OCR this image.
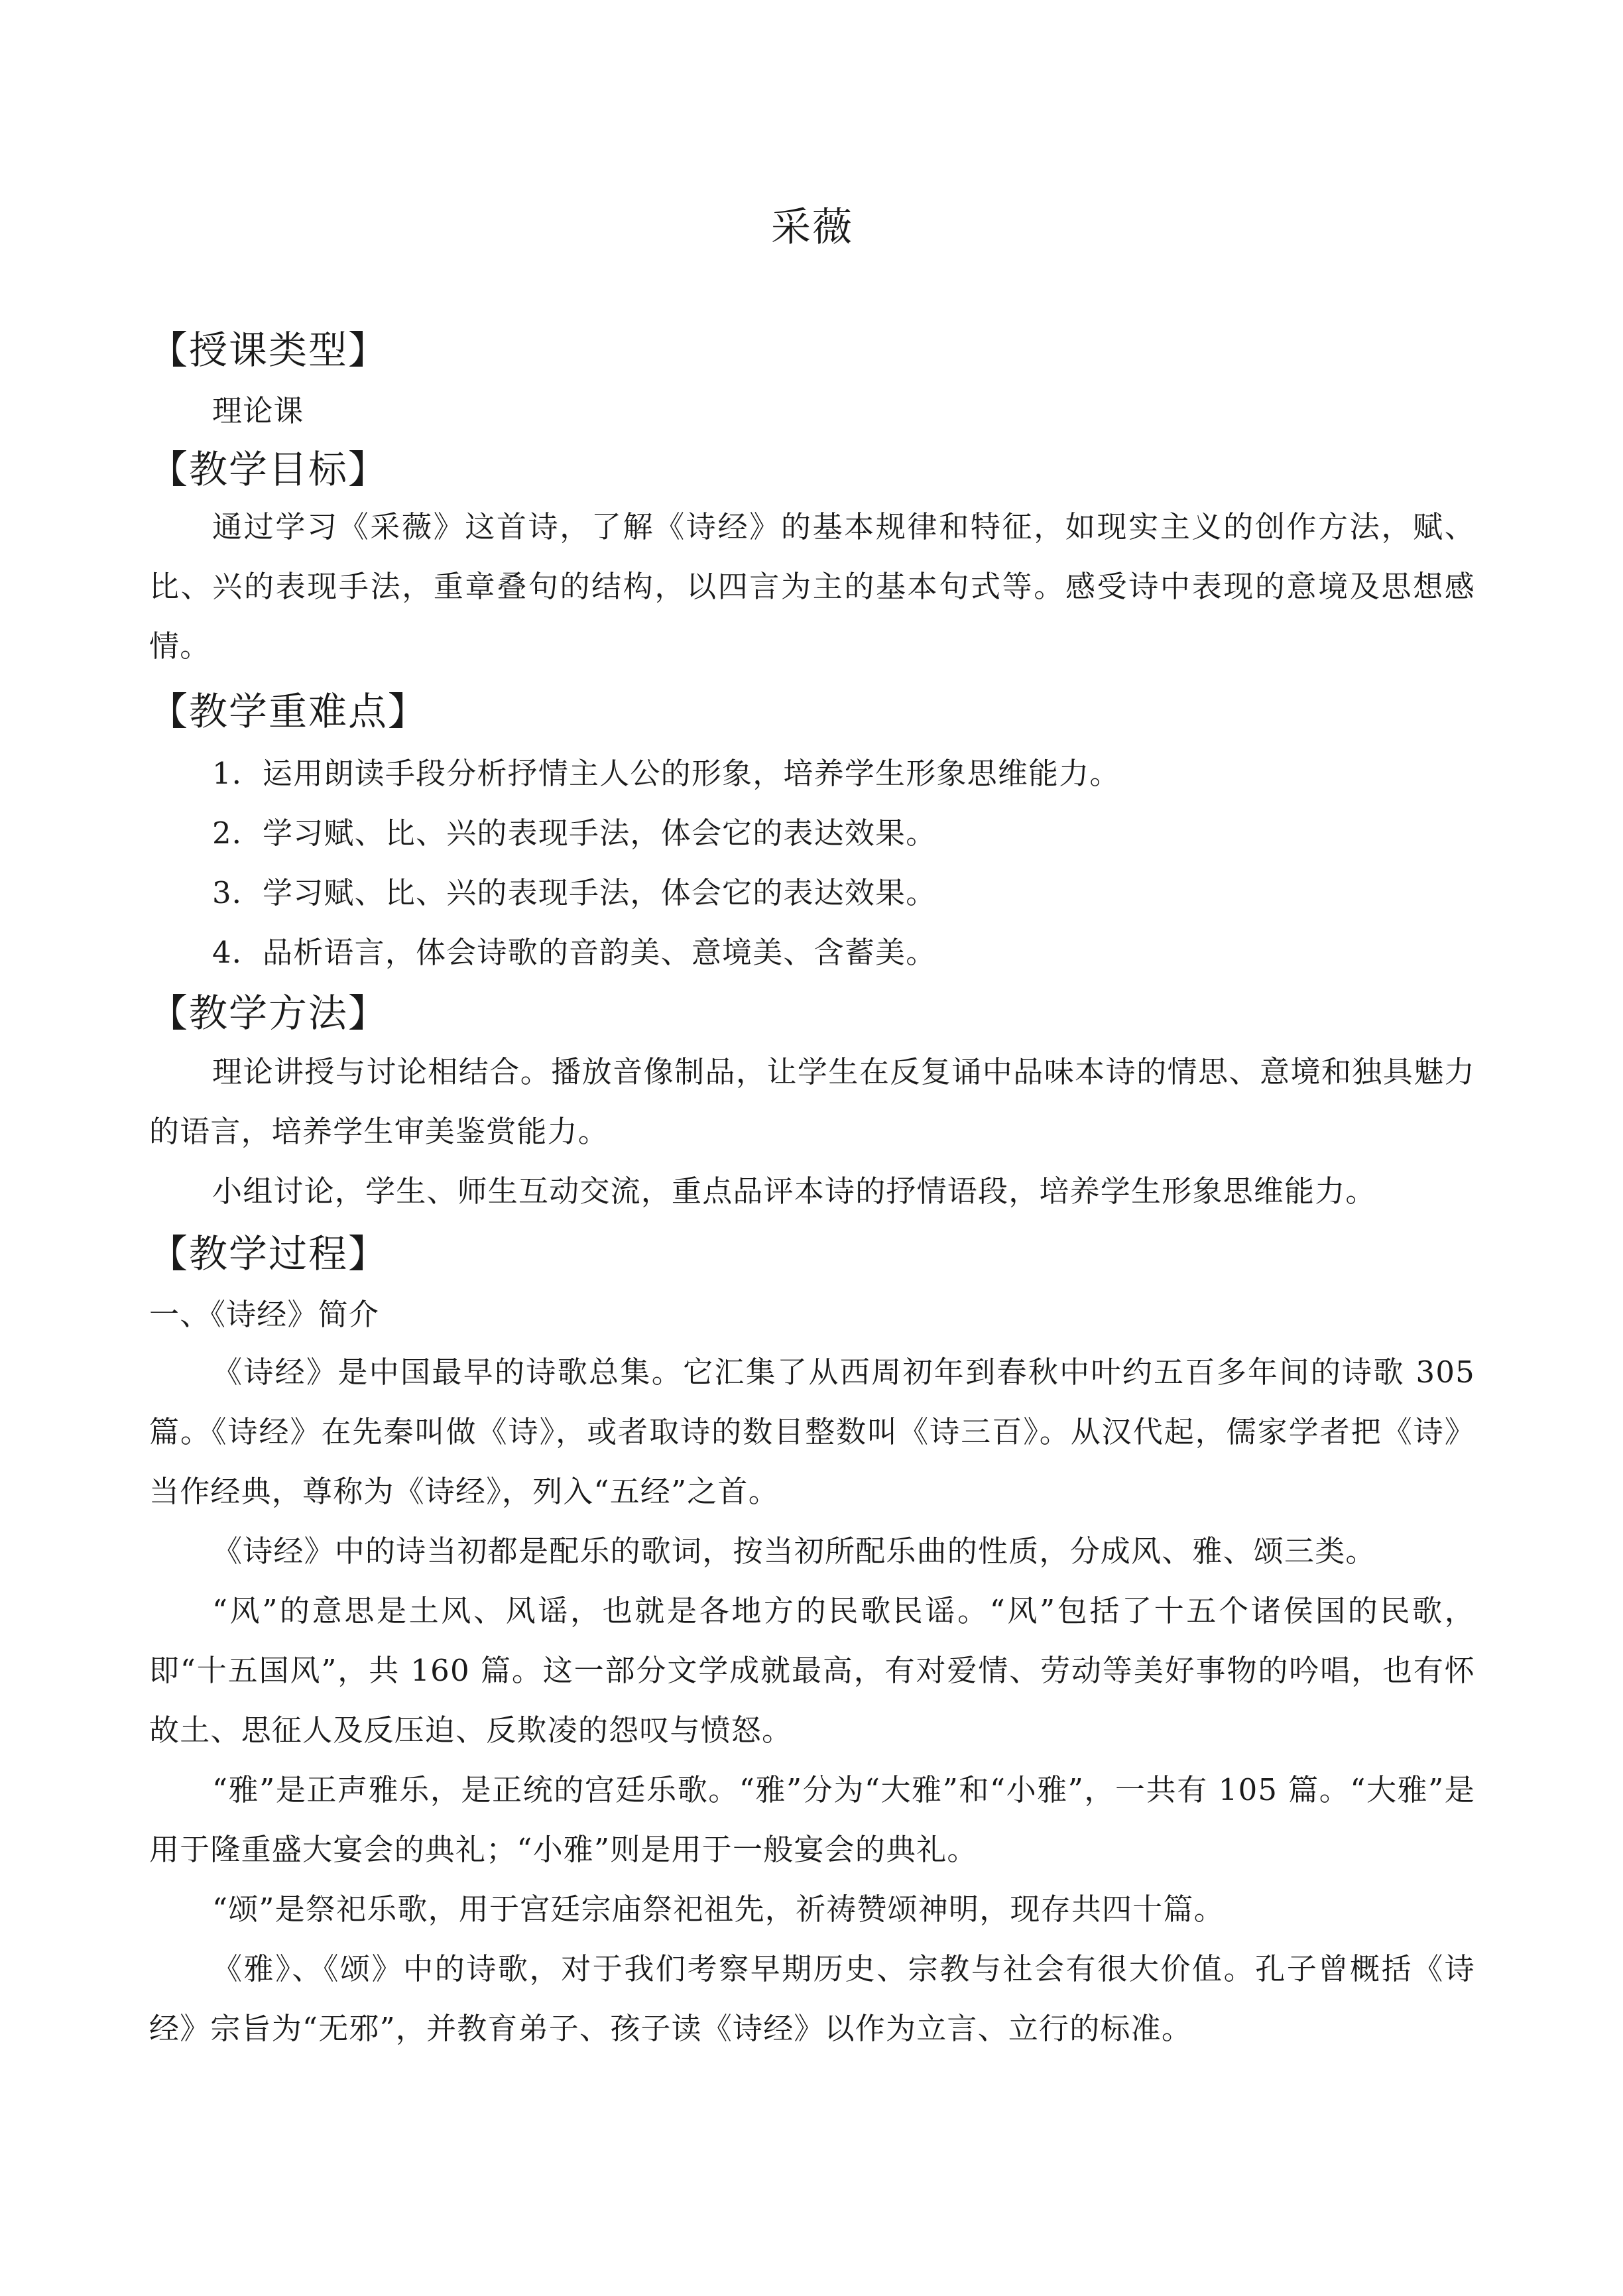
采薇
【授课类型】
理论课
【教学目标】
通过学习《采薇》这首诗，了解《诗经》的基本规律和特征，如现实主义的创作方法，赋、比、兴的表现手法，重章叠句的结构，以四言为主的基本句式等。感受诗中表现的意境及思想感情。
【教学重难点】
1．运用朗读手段分析抒情主人公的形象，培养学生形象思维能力。
2．学习赋、比、兴的表现手法，体会它的表达效果。
3．学习赋、比、兴的表现手法，体会它的表达效果。
4．品析语言，体会诗歌的音韵美、意境美、含蓄美。
【教学方法】
理论讲授与讨论相结合。播放音像制品，让学生在反复诵中品味本诗的情思、意境和独具魅力的语言，培养学生审美鉴赏能力。
小组讨论，学生、师生互动交流，重点品评本诗的抒情语段，培养学生形象思维能力。
【教学过程】
一、《诗经》简介
《诗经》是中国最早的诗歌总集。它汇集了从西周初年到春秋中叶约五百多年间的诗歌 305 篇。《诗经》在先秦叫做《诗》，或者取诗的数目整数叫《诗三百》。从汉代起，儒家学者把《诗》当作经典，尊称为《诗经》，列入“五经”之首。
《诗经》中的诗当初都是配乐的歌词，按当初所配乐曲的性质，分成风、雅、颂三类。
“风”的意思是土风、风谣，也就是各地方的民歌民谣。“风”包括了十五个诸侯国的民歌，即“十五国风”，共 160 篇。这一部分文学成就最高，有对爱情、劳动等美好事物的吟唱，也有怀故土、思征人及反压迫、反欺凌的怨叹与愤怒。
“雅”是正声雅乐，是正统的宫廷乐歌。“雅”分为“大雅”和“小雅”，一共有 105 篇。“大雅”是用于隆重盛大宴会的典礼；“小雅”则是用于一般宴会的典礼。
“颂”是祭祀乐歌，用于宫廷宗庙祭祀祖先，祈祷赞颂神明，现存共四十篇。
《雅》、《颂》中的诗歌，对于我们考察早期历史、宗教与社会有很大价值。孔子曾概括《诗经》宗旨为“无邪”，并教育弟子、孩子读《诗经》以作为立言、立行的标准。
